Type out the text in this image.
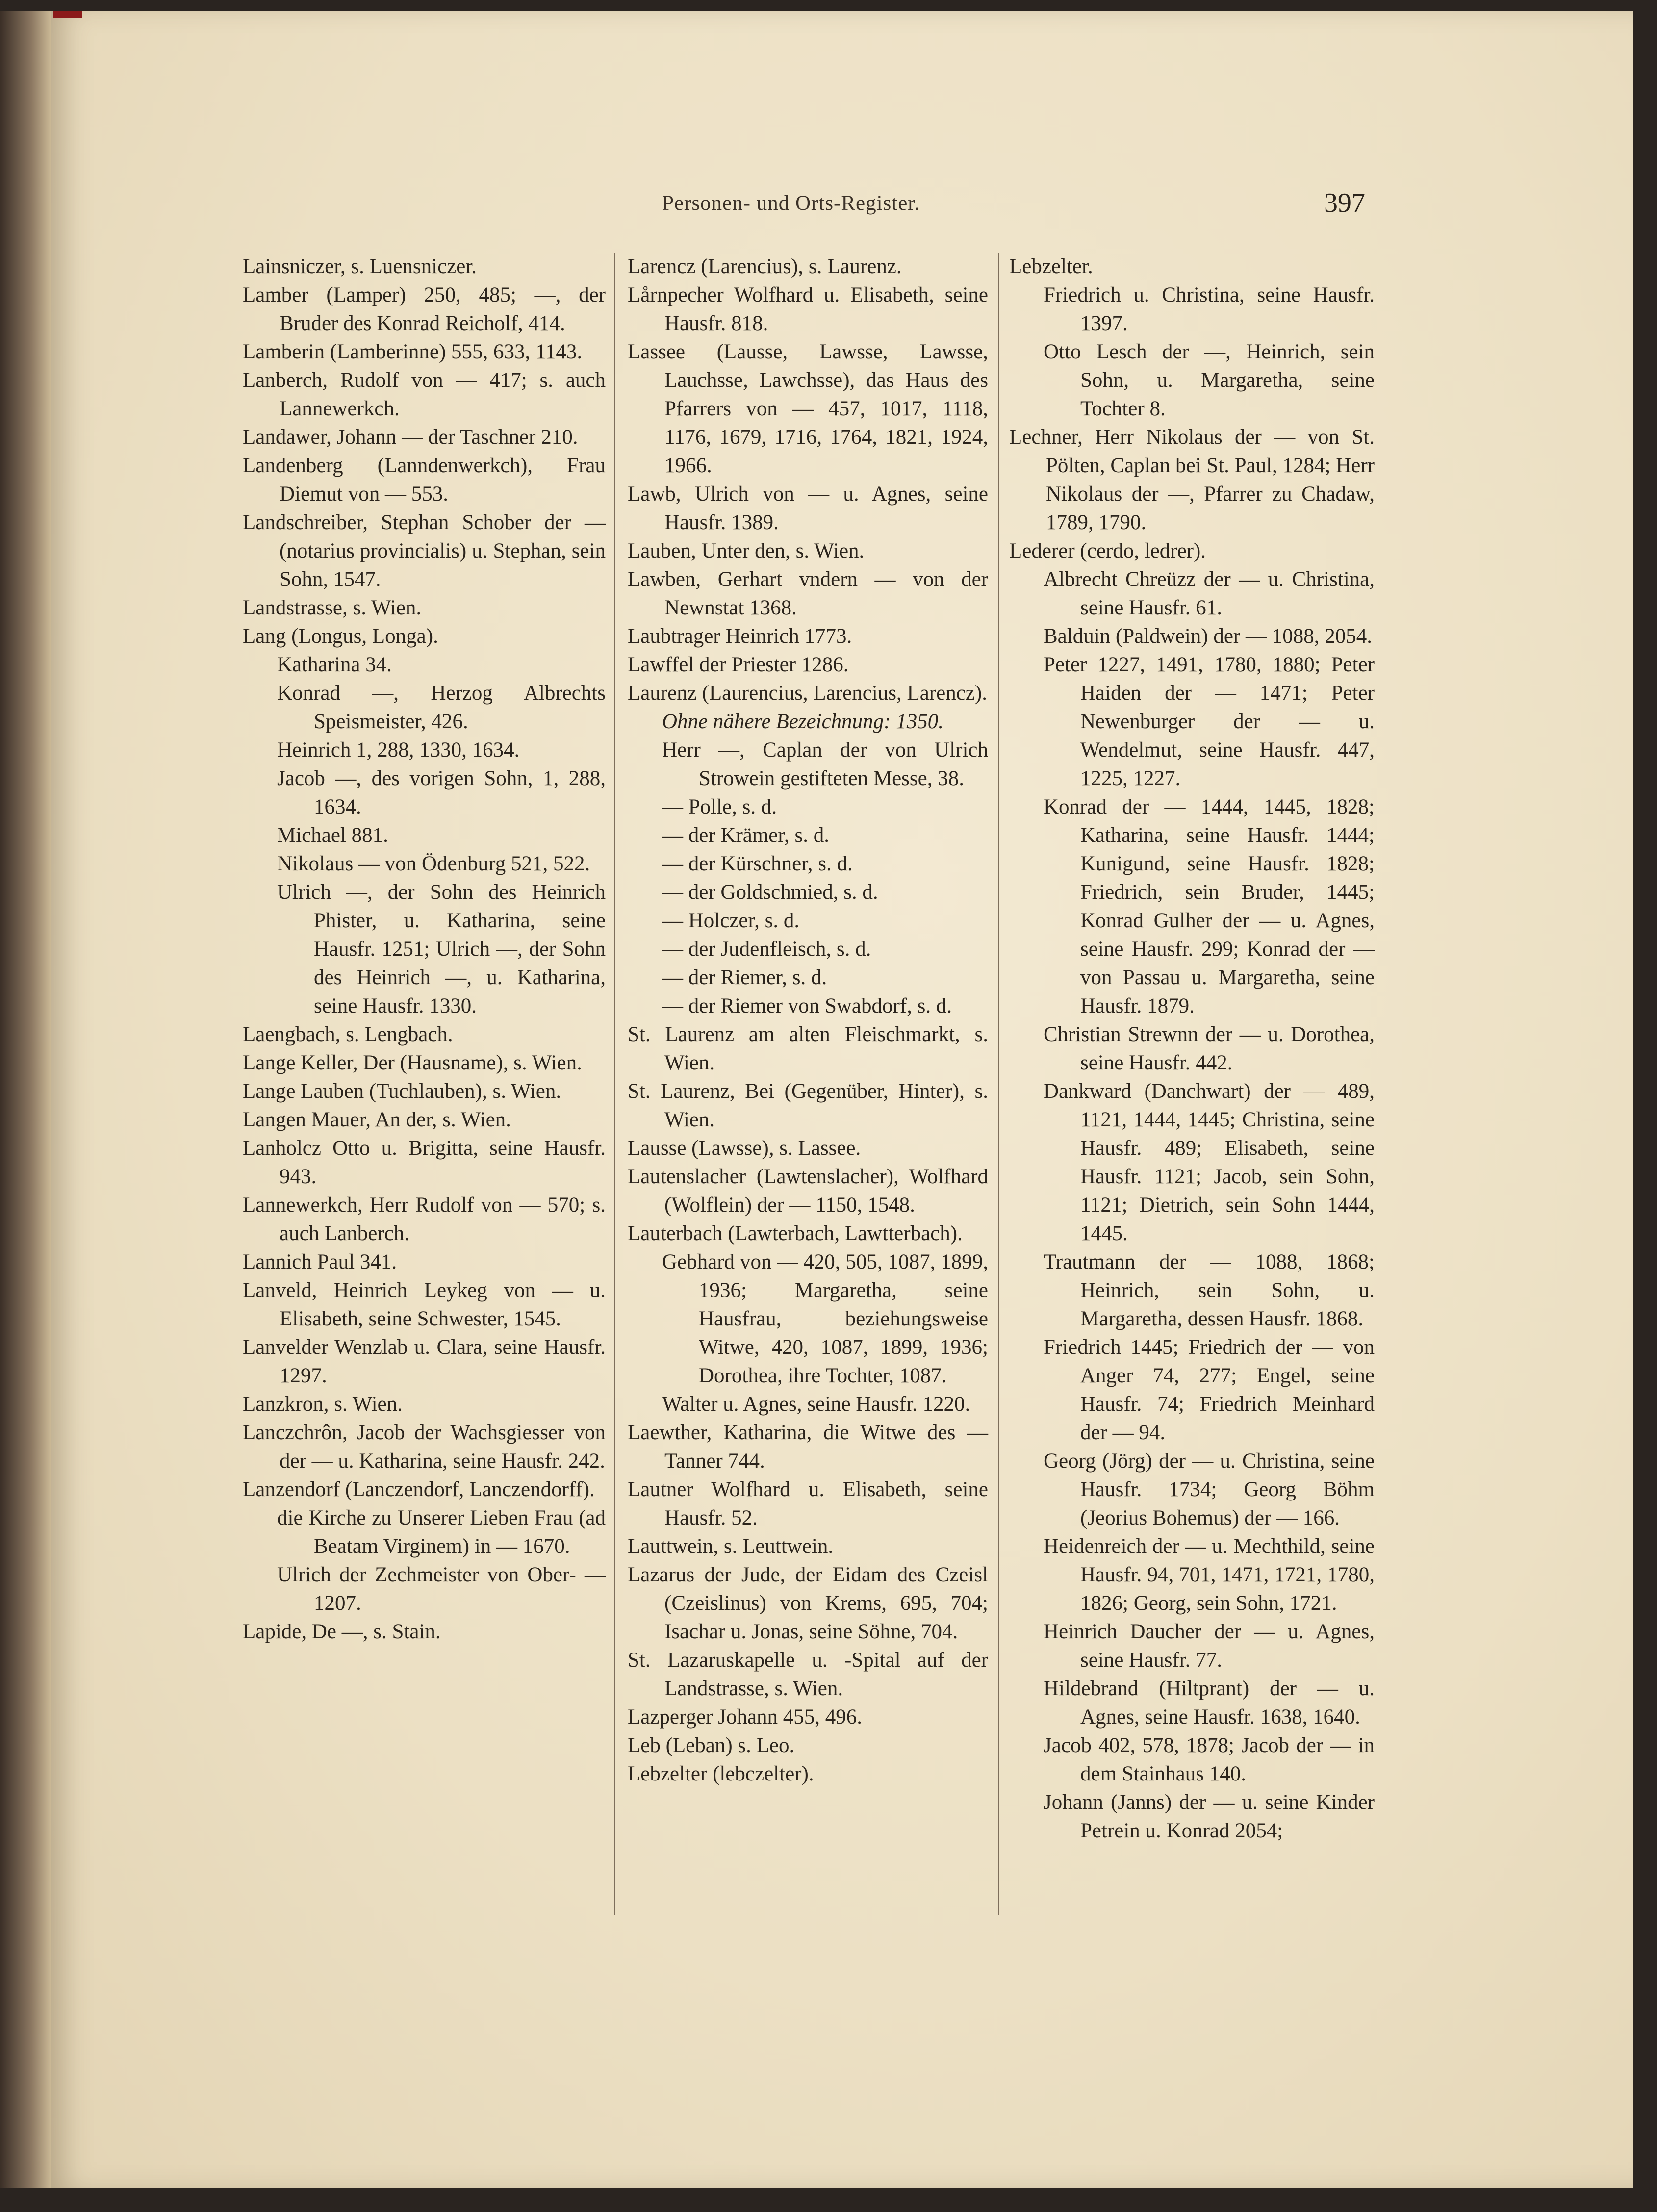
Personen- und Orts-Register.	397

Lainsniczer, s. Luensniczer.

Lamber (Lamper) 250, 485; —, der Bruder des Konrad Reicholf, 414.

Lamberin (Lamberinne) 555, 633, 1143.

Lanberch, Rudolf von — 417; s. auch Lannewerkch.

Landawer, Johann — der Taschner 210.

Landenberg (Lanndenwerkch), Frau Diemut von — 553.

Landschreiber, Stephan Schober der — (notarius provincialis) u. Stephan, sein Sohn, 1547.

Landstrasse, s. Wien.

Lang (Longus, Longa).

Katharina 34.

Konrad —, Herzog Albrechts Speismeister, 426.

Heinrich 1, 288, 1330, 1634.

Jacob —, des vorigen Sohn, 1, 288, 1634.

Michael 881.

Nikolaus — von Ödenburg 521, 522.

Ulrich —, der Sohn des Heinrich Phister, u. Katharina, seine Hausfr. 1251; Ulrich —, der Sohn des Heinrich —, u. Katharina, seine Hausfr. 1330.

Laengbach, s. Lengbach.

Lange Keller, Der (Hausname), s. Wien.

Lange Lauben (Tuchlauben), s. Wien.

Langen Mauer, An der, s. Wien.

Lanholcz Otto u. Brigitta, seine Hausfr. 943.

Lannewerkch, Herr Rudolf von — 570; s. auch Lanberch.

Lannich Paul 341.

Lanveld, Heinrich Leykeg von — u. Elisabeth, seine Schwester, 1545.

Lanvelder Wenzlab u. Clara, seine Hausfr. 1297.

Lanzkron, s. Wien.

Lanczchrôn, Jacob der Wachsgiesser von der — u. Katharina, seine Hausfr. 242.

Lanzendorf (Lanczendorf, Lanczendorff).

die Kirche zu Unserer Lieben Frau (ad Beatam Virginem) in — 1670.

Ulrich der Zechmeister von Ober- — 1207.

Lapide, De —, s. Stain.

Larencz (Larencius), s. Laurenz.

Lårnpecher Wolfhard u. Elisabeth, seine Hausfr. 818.

Lassee (Lausse, Lawsse, Lawsse, Lauchsse, Lawchsse), das Haus des Pfarrers von — 457, 1017, 1118, 1176, 1679, 1716, 1764, 1821, 1924, 1966.

Lawb, Ulrich von — u. Agnes, seine Hausfr. 1389.

Lauben, Unter den, s. Wien.

Lawben, Gerhart vndern — von der Newnstat 1368.

Laubtrager Heinrich 1773.

Lawffel der Priester 1286.

Laurenz (Laurencius, Larencius, Larencz).

Ohne nähere Bezeichnung: 1350.

Herr —, Caplan der von Ulrich Strowein gestifteten Messe, 38.

— Polle, s. d.

— der Krämer, s. d.

— der Kürschner, s. d.

— der Goldschmied, s. d.

— Holczer, s. d.

— der Judenfleisch, s. d.

— der Riemer, s. d.

— der Riemer von Swabdorf, s. d.

St. Laurenz am alten Fleischmarkt, s. Wien.

St. Laurenz, Bei (Gegenüber, Hinter), s. Wien.

Lausse (Lawsse), s. Lassee.

Lautenslacher (Lawtenslacher), Wolfhard (Wolflein) der — 1150, 1548.

Lauterbach (Lawterbach, Lawtterbach).

Gebhard von — 420, 505, 1087, 1899, 1936; Margaretha, seine Hausfrau, beziehungsweise Witwe, 420, 1087, 1899, 1936; Dorothea, ihre Tochter, 1087.

Walter u. Agnes, seine Hausfr. 1220.

Laewther, Katharina, die Witwe des — Tanner 744.

Lautner Wolfhard u. Elisabeth, seine Hausfr. 52.

Lauttwein, s. Leuttwein.

Lazarus der Jude, der Eidam des Czeisl (Czeislinus) von Krems, 695, 704; Isachar u. Jonas, seine Söhne, 704.

St. Lazaruskapelle u. -Spital auf der Landstrasse, s. Wien.

Lazperger Johann 455, 496.

Leb (Leban) s. Leo.

Lebzelter (lebczelter).

Lebzelter.

Friedrich u. Christina, seine Hausfr. 1397.

Otto Lesch der —, Heinrich, sein Sohn, u. Margaretha, seine Tochter 8.

Lechner, Herr Nikolaus der — von St. Pölten, Caplan bei St. Paul, 1284; Herr Nikolaus der —, Pfarrer zu Chadaw, 1789, 1790.

Lederer (cerdo, ledrer).

Albrecht Chreüzz der — u. Christina, seine Hausfr. 61.

Balduin (Paldwein) der — 1088, 2054.

Peter 1227, 1491, 1780, 1880; Peter Haiden der — 1471; Peter Newenburger der — u. Wendelmut, seine Hausfr. 447, 1225, 1227.

Konrad der — 1444, 1445, 1828; Katharina, seine Hausfr. 1444; Kunigund, seine Hausfr. 1828; Friedrich, sein Bruder, 1445; Konrad Gulher der — u. Agnes, seine Hausfr. 299; Konrad der — von Passau u. Margaretha, seine Hausfr. 1879.

Christian Strewnn der — u. Dorothea, seine Hausfr. 442.

Dankward (Danchwart) der — 489, 1121, 1444, 1445; Christina, seine Hausfr. 489; Elisabeth, seine Hausfr. 1121; Jacob, sein Sohn, 1121; Dietrich, sein Sohn 1444, 1445.

Trautmann der — 1088, 1868; Heinrich, sein Sohn, u. Margaretha, dessen Hausfr. 1868.

Friedrich 1445; Friedrich der — von Anger 74, 277; Engel, seine Hausfr. 74; Friedrich Meinhard der — 94.

Georg (Jörg) der — u. Christina, seine Hausfr. 1734; Georg Böhm (Jeorius Bohemus) der — 166.

Heidenreich der — u. Mechthild, seine Hausfr. 94, 701, 1471, 1721, 1780, 1826; Georg, sein Sohn, 1721.

Heinrich Daucher der — u. Agnes, seine Hausfr. 77.

Hildebrand (Hiltprant) der — u. Agnes, seine Hausfr. 1638, 1640.

Jacob 402, 578, 1878; Jacob der — in dem Stainhaus 140.

Johann (Janns) der — u. seine Kinder Petrein u. Konrad 2054;
